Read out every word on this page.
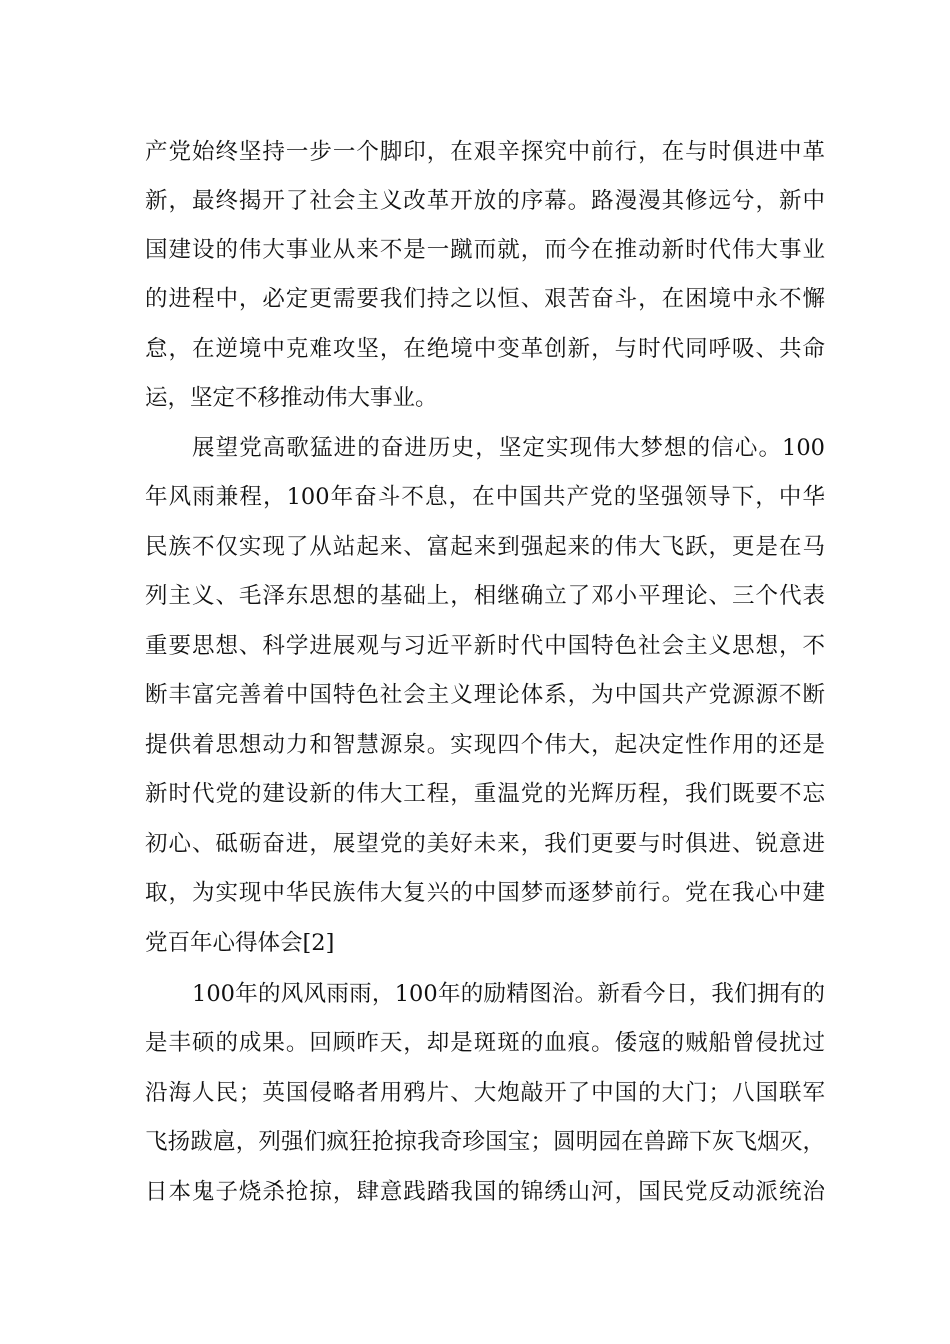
产党始终坚持一步一个脚印，在艰辛探究中前行，在与时俱进中革
新，最终揭开了社会主义改革开放的序幕。路漫漫其修远兮，新中
国建设的伟大事业从来不是一蹴而就，而今在推动新时代伟大事业
的进程中，必定更需要我们持之以恒、艰苦奋斗，在困境中永不懈
怠，在逆境中克难攻坚，在绝境中变革创新，与时代同呼吸、共命
运，坚定不移推动伟大事业。
展望党高歌猛进的奋进历史，坚定实现伟大梦想的信心。100
年风雨兼程，100年奋斗不息，在中国共产党的坚强领导下，中华
民族不仅实现了从站起来、富起来到强起来的伟大飞跃，更是在马
列主义、毛泽东思想的基础上，相继确立了邓小平理论、三个代表
重要思想、科学进展观与习近平新时代中国特色社会主义思想，不
断丰富完善着中国特色社会主义理论体系，为中国共产党源源不断
提供着思想动力和智慧源泉。实现四个伟大，起决定性作用的还是
新时代党的建设新的伟大工程，重温党的光辉历程，我们既要不忘
初心、砥砺奋进，展望党的美好未来，我们更要与时俱进、锐意进
取，为实现中华民族伟大复兴的中国梦而逐梦前行。党在我心中建
党百年心得体会[2]
100年的风风雨雨，100年的励精图治。新看今日，我们拥有的
是丰硕的成果。回顾昨天，却是斑斑的血痕。倭寇的贼船曾侵扰过
沿海人民；英国侵略者用鸦片、大炮敲开了中国的大门；八国联军
飞扬跋扈，列强们疯狂抢掠我奇珍国宝；圆明园在兽蹄下灰飞烟灭，
日本鬼子烧杀抢掠，肆意践踏我国的锦绣山河，国民党反动派统治
